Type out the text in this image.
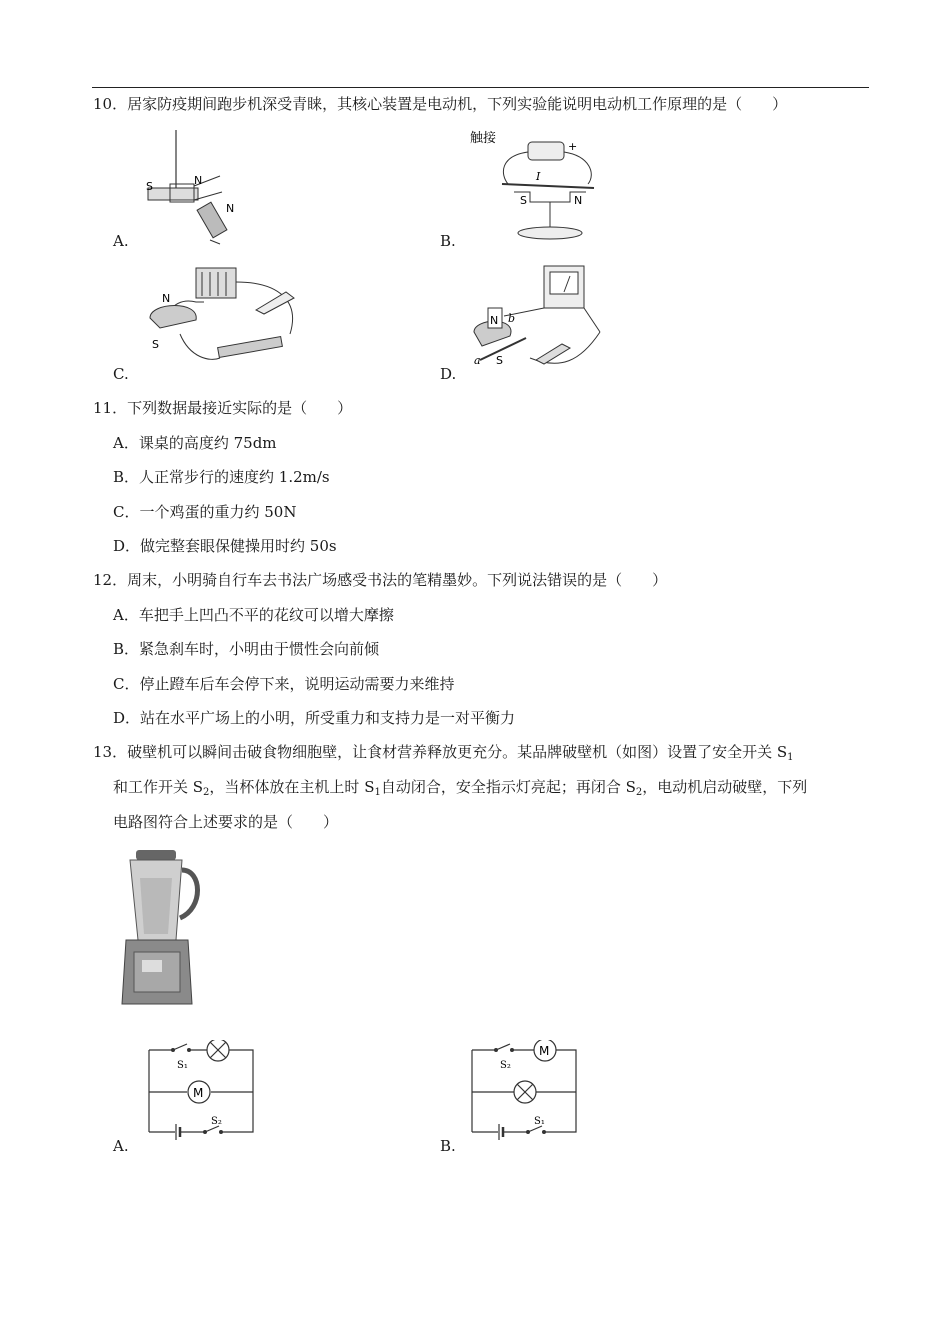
10．居家防疫期间跑步机深受青睐，其核心装置是电动机，下列实验能说明电动机工作原理的是（　　）
S	N
N
A.
触接
+
I
S	N
B.
N
S
C.
N
S
b
a
D.
11．下列数据最接近实际的是（　　）
A．课桌的高度约 75dm
B．人正常步行的速度约 1.2m/s
C．一个鸡蛋的重力约 50N
D．做完整套眼保健操用时约 50s
12．周末，小明骑自行车去书法广场感受书法的笔精墨妙。下列说法错误的是（　　）
A．车把手上凹凸不平的花纹可以增大摩擦
B．紧急刹车时，小明由于惯性会向前倾
C．停止蹬车后车会停下来，说明运动需要力来维持
D．站在水平广场上的小明，所受重力和支持力是一对平衡力
13．破壁机可以瞬间击破食物细胞壁，让食材营养释放更充分。某品牌破壁机（如图）设置了安全开关 $S_1$
和工作开关 $S_2$，当杯体放在主机上时 $S_1$自动闭合，安全指示灯亮起；再闭合 $S_2$，电动机启动破壁，下列
电路图符合上述要求的是（　　）
M
S₁
S₂
A.
M
S₂
S₁
B.
